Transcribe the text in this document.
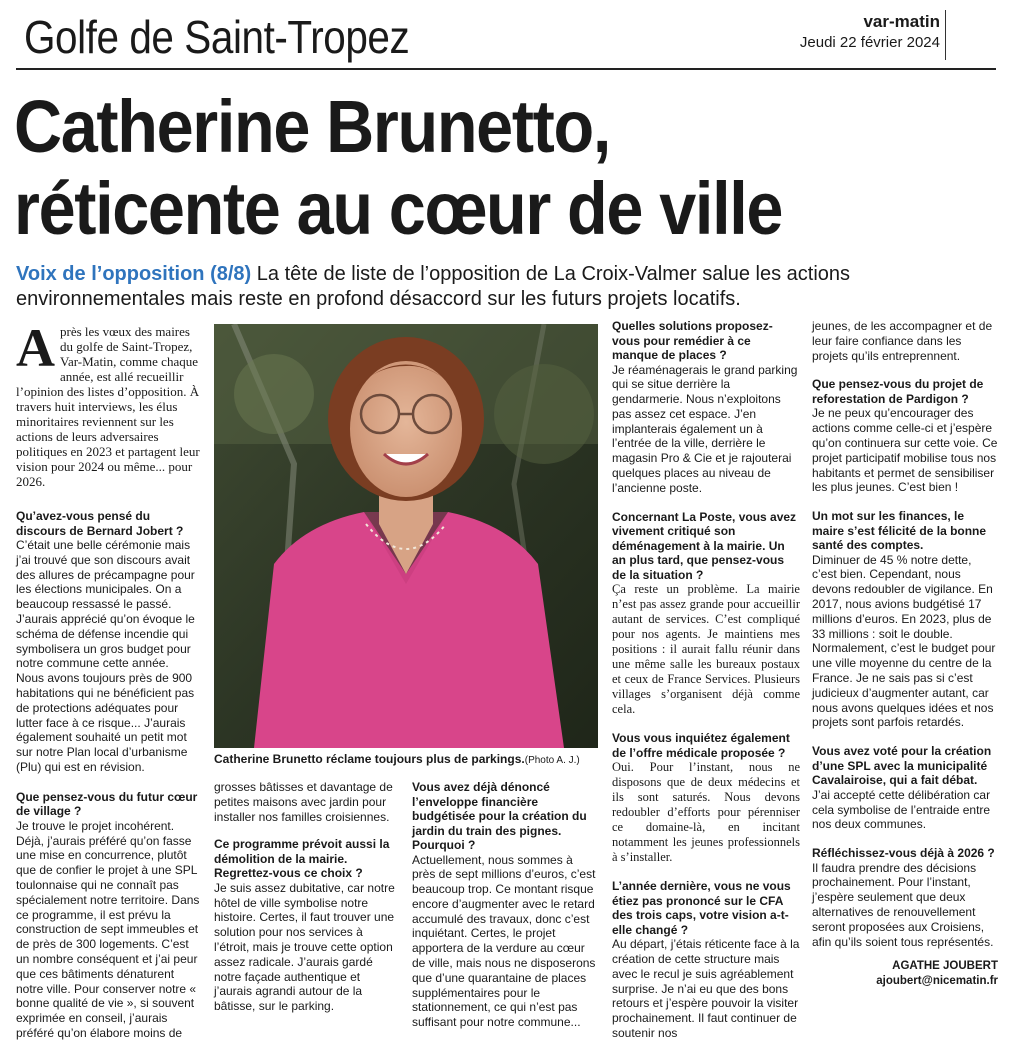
Golfe de Saint-Tropez	var-matin
Jeudi 22 février 2024
Catherine Brunetto,
réticente au cœur de ville
Voix de l’opposition (8/8) La tête de liste de l’opposition de La Croix-Valmer salue les actions environnementales mais reste en profond désaccord sur les futurs projets locatifs.

Après les vœux des maires du golfe de Saint-Tropez, Var-Matin, comme chaque année, est allé recueillir l’opinion des listes d’opposition. À travers huit interviews, les élus minoritaires reviennent sur les actions de leurs adversaires politiques en 2023 et partagent leur vision pour 2024 ou même... pour 2026.

Qu’avez-vous pensé du discours de Bernard Jobert ?

C’était une belle cérémonie mais j’ai trouvé que son discours avait des allures de précampagne pour les élections municipales. On a beaucoup ressassé le passé. J’aurais apprécié qu’on évoque le schéma de défense incendie qui symbolisera un gros budget pour notre commune cette année. Nous avons toujours près de 900 habitations qui ne bénéficient pas de protections adéquates pour lutter face à ce risque... J’aurais également souhaité un petit mot sur notre Plan local d’urbanisme (Plu) qui est en révision.

Que pensez-vous du futur cœur de village ?

Je trouve le projet incohérent. Déjà, j’aurais préféré qu’on fasse une mise en concurrence, plutôt que de confier le projet à une SPL toulonnaise qui ne connaît pas spécialement notre territoire. Dans ce programme, il est prévu la construction de sept immeubles et de près de 300 logements. C’est un nombre conséquent et j’ai peur que ces bâtiments dénaturent notre ville. Pour conserver notre « bonne qualité de vie », si souvent exprimée en conseil, j’aurais préféré qu’on élabore moins de

Catherine Brunetto réclame toujours plus de parkings.(Photo A. J.)

grosses bâtisses et davantage de petites maisons avec jardin pour installer nos familles croisiennes.

Ce programme prévoit aussi la démolition de la mairie. Regrettez-vous ce choix ?

Je suis assez dubitative, car notre hôtel de ville symbolise notre histoire. Certes, il faut trouver une solution pour nos services à l’étroit, mais je trouve cette option assez radicale. J’aurais gardé notre façade authentique et j’aurais agrandi autour de la bâtisse, sur le parking.

Vous avez déjà dénoncé l’enveloppe financière budgétisée pour la création du jardin du train des pignes. Pourquoi ?

Actuellement, nous sommes à près de sept millions d’euros, c’est beaucoup trop. Ce montant risque encore d’augmenter avec le retard accumulé des travaux, donc c’est inquiétant. Certes, le projet apportera de la verdure au cœur de ville, mais nous ne disposerons que d’une quarantaine de places supplémentaires pour le stationnement, ce qui n’est pas suffisant pour notre commune...

Quelles solutions proposez-vous pour remédier à ce manque de places ?

Je réaménagerais le grand parking qui se situe derrière la gendarmerie. Nous n’exploitons pas assez cet espace. J’en implanterais également un à l’entrée de la ville, derrière le magasin Pro & Cie et je rajouterai quelques places au niveau de l’ancienne poste.

Concernant La Poste, vous avez vivement critiqué son déménagement à la mairie. Un an plus tard, que pensez-vous de la situation ?

Ça reste un problème. La mairie n’est pas assez grande pour accueillir autant de services. C’est compliqué pour nos agents. Je maintiens mes positions : il aurait fallu réunir dans une même salle les bureaux postaux et ceux de France Services. Plusieurs villages s’organisent déjà comme cela.

Vous vous inquiétez également de l’offre médicale proposée ?

Oui. Pour l’instant, nous ne disposons que de deux médecins et ils sont saturés. Nous devons redoubler d’efforts pour pérenniser ce domaine-là, en incitant notamment les jeunes professionnels à s’installer.

L’année dernière, vous ne vous étiez pas prononcé sur le CFA des trois caps, votre vision a-t-elle changé ?

Au départ, j’étais réticente face à la création de cette structure mais avec le recul je suis agréablement surprise. Je n’ai eu que des bons retours et j’espère pouvoir la visiter prochainement. Il faut continuer de soutenir nos

jeunes, de les accompagner et de leur faire confiance dans les projets qu’ils entreprennent.

Que pensez-vous du projet de reforestation de Pardigon ?

Je ne peux qu’encourager des actions comme celle-ci et j’espère qu’on continuera sur cette voie. Ce projet participatif mobilise tous nos habitants et permet de sensibiliser les plus jeunes. C’est bien !

Un mot sur les finances, le maire s’est félicité de la bonne santé des comptes.

Diminuer de 45 % notre dette, c’est bien. Cependant, nous devons redoubler de vigilance. En 2017, nous avions budgétisé 17 millions d’euros. En 2023, plus de 33 millions : soit le double. Normalement, c’est le budget pour une ville moyenne du centre de la France. Je ne sais pas si c’est judicieux d’augmenter autant, car nous avons quelques idées et nos projets sont parfois retardés.

Vous avez voté pour la création d’une SPL avec la municipalité Cavalairoise, qui a fait débat.

J’ai accepté cette délibération car cela symbolise de l’entraide entre nos deux communes.

Réfléchissez-vous déjà à 2026 ?

Il faudra prendre des décisions prochainement. Pour l’instant, j’espère seulement que deux alternatives de renouvellement seront proposées aux Croisiens, afin qu’ils soient tous représentés.

AGATHE JOUBERT
ajoubert@nicematin.fr
